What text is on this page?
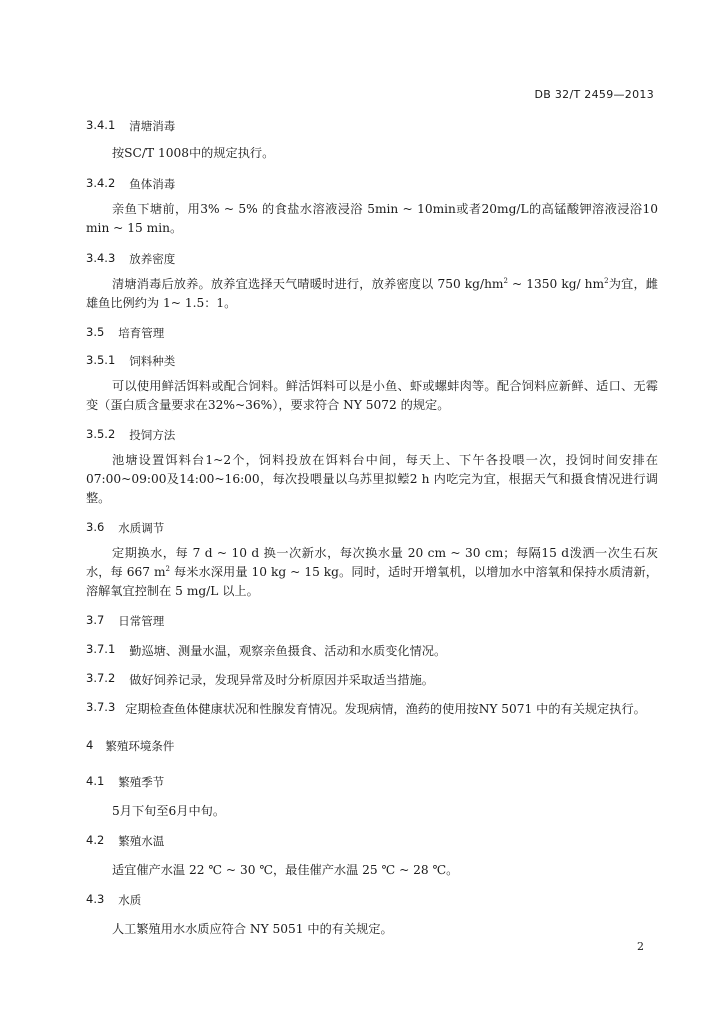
DB 32/T 2459—2013
3.4.1 清塘消毒
按SC/T 1008中的规定执行。
3.4.2 鱼体消毒
亲鱼下塘前，用3% ~ 5% 的食盐水溶液浸浴 5min ~ 10min或者20mg/L的高锰酸钾溶液浸浴10 min ~ 15 min。
3.4.3 放养密度
清塘消毒后放养。放养宜选择天气晴暖时进行，放养密度以 750 $kg/hm^2$ ~ 1350 kg/ $hm^2$为宜，雌雄鱼比例约为 1~ 1.5：1。
3.5 培育管理
3.5.1 饲料种类
可以使用鲜活饵料或配合饲料。鲜活饵料可以是小鱼、虾或螺蚌肉等。配合饲料应新鲜、适口、无霉变（蛋白质含量要求在32%~36%），要求符合 NY 5072 的规定。
3.5.2 投饲方法
池塘设置饵料台1~2个，饲料投放在饵料台中间，每天上、下午各投喂一次，投饲时间安排在07:00~09:00及14:00~16:00，每次投喂量以乌苏里拟鲿2 h 内吃完为宜，根据天气和摄食情况进行调整。
3.6 水质调节
定期换水，每 7 d ~ 10 d 换一次新水，每次换水量 20 cm ~ 30 cm；每隔15 d泼洒一次生石灰水，每 667 $m^2$ 每米水深用量 10 kg ~ 15 kg。同时，适时开增氧机，以增加水中溶氧和保持水质清新，溶解氧宜控制在 5 mg/L 以上。
3.7 日常管理
3.7.1 勤巡塘、测量水温，观察亲鱼摄食、活动和水质变化情况。
3.7.2 做好饲养记录，发现异常及时分析原因并采取适当措施。
3.7.3 定期检查鱼体健康状况和性腺发育情况。发现病情，渔药的使用按NY 5071 中的有关规定执行。
4 繁殖环境条件
4.1 繁殖季节
5月下旬至6月中旬。
4.2 繁殖水温
适宜催产水温 22 ℃ ~ 30 ℃，最佳催产水温 25 ℃ ~ 28 ℃。
4.3 水质
人工繁殖用水水质应符合 NY 5051 中的有关规定。
2
